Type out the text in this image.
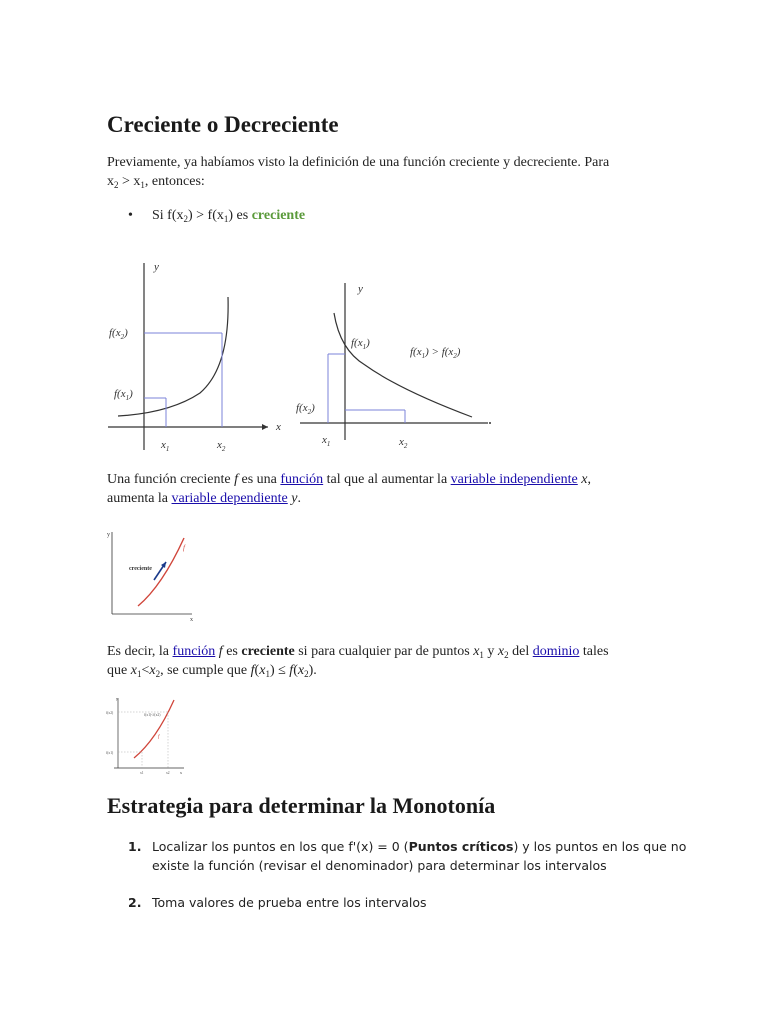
Creciente o Decreciente

Previamente, ya habíamos visto la definición de una función creciente y decreciente. Para
$x_2 > x_1$, entonces:

• Si $f(x_2) > f(x_1)$ es creciente
y
x
$f(x_2)$
$f(x_1)$
$x_1$	$x_2$
y
$f(x_1)$
$f(x_1) > f(x_2)$
$f(x_2)$
$x_1$	$x_2$

Una función creciente f es una función tal que al aumentar la variable independiente x,
aumenta la variable dependiente y.

y
x
creciente
f

Es decir, la función f es creciente si para cualquier par de puntos $x_1$ y $x_2$ del dominio tales
que $x_1<x_2$, se cumple que $f(x_1) \le f(x_2)$.

y
x
f(x2)
f(x1)
f(x1)<f(x2)
f
x1	x2
Estrategia para determinar la Monotonía
1. Localizar los puntos en los que f'(x) = 0 (Puntos críticos) y los puntos en los que no
existe la función (revisar el denominador) para determinar los intervalos
2. Toma valores de prueba entre los intervalos
